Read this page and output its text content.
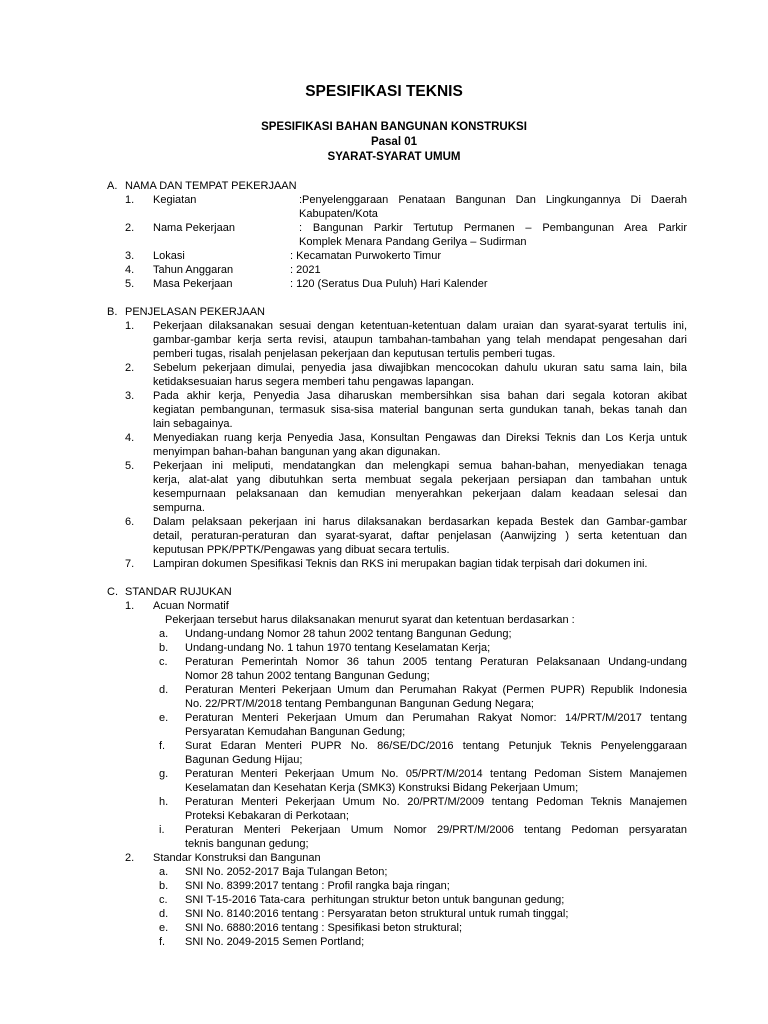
SPESIFIKASI TEKNIS
SPESIFIKASI BAHAN BANGUNAN KONSTRUKSI
Pasal 01
SYARAT-SYARAT UMUM
A. NAMA DAN TEMPAT PEKERJAAN
1. Kegiatan	:Penyelenggaraan Penataan Bangunan Dan Lingkungannya Di Daerah
Kabupaten/Kota
2. Nama Pekerjaan	: Bangunan Parkir Tertutup Permanen – Pembangunan Area Parkir
Komplek Menara Pandang Gerilya – Sudirman
3. Lokasi	: Kecamatan Purwokerto Timur
4. Tahun Anggaran	: 2021
5. Masa Pekerjaan	: 120 (Seratus Dua Puluh) Hari Kalender
B. PENJELASAN PEKERJAAN
1. Pekerjaan dilaksanakan sesuai dengan ketentuan-ketentuan dalam uraian dan syarat-syarat tertulis ini,
gambar-gambar kerja serta revisi, ataupun tambahan-tambahan yang telah mendapat pengesahan dari
pemberi tugas, risalah penjelasan pekerjaan dan keputusan tertulis pemberi tugas.
2. Sebelum pekerjaan dimulai, penyedia jasa diwajibkan mencocokan dahulu ukuran satu sama lain, bila
ketidaksesuaian harus segera memberi tahu pengawas lapangan.
3. Pada akhir kerja, Penyedia Jasa diharuskan membersihkan sisa bahan dari segala kotoran akibat
kegiatan pembangunan, termasuk sisa-sisa material bangunan serta gundukan tanah, bekas tanah dan
lain sebagainya.
4. Menyediakan ruang kerja Penyedia Jasa, Konsultan Pengawas dan Direksi Teknis dan Los Kerja untuk
menyimpan bahan-bahan bangunan yang akan digunakan.
5. Pekerjaan ini meliputi, mendatangkan dan melengkapi semua bahan-bahan, menyediakan tenaga
kerja, alat-alat yang dibutuhkan serta membuat segala pekerjaan persiapan dan tambahan untuk
kesempurnaan pelaksanaan dan kemudian menyerahkan pekerjaan dalam keadaan selesai dan
sempurna.
6. Dalam pelaksaan pekerjaan ini harus dilaksanakan berdasarkan kepada Bestek dan Gambar-gambar
detail, peraturan-peraturan dan syarat-syarat, daftar penjelasan (Aanwijzing ) serta ketentuan dan
keputusan PPK/PPTK/Pengawas yang dibuat secara tertulis.
7. Lampiran dokumen Spesifikasi Teknis dan RKS ini merupakan bagian tidak terpisah dari dokumen ini.
C. STANDAR RUJUKAN
1. Acuan Normatif
Pekerjaan tersebut harus dilaksanakan menurut syarat dan ketentuan berdasarkan :
a. Undang-undang Nomor 28 tahun 2002 tentang Bangunan Gedung;
b. Undang-undang No. 1 tahun 1970 tentang Keselamatan Kerja;
c. Peraturan Pemerintah Nomor 36 tahun 2005 tentang Peraturan Pelaksanaan Undang-undang
Nomor 28 tahun 2002 tentang Bangunan Gedung;
d. Peraturan Menteri Pekerjaan Umum dan Perumahan Rakyat (Permen PUPR) Republik Indonesia
No. 22/PRT/M/2018 tentang Pembangunan Bangunan Gedung Negara;
e. Peraturan Menteri Pekerjaan Umum dan Perumahan Rakyat Nomor: 14/PRT/M/2017 tentang
Persyaratan Kemudahan Bangunan Gedung;
f. Surat Edaran Menteri PUPR No. 86/SE/DC/2016 tentang Petunjuk Teknis Penyelenggaraan
Bagunan Gedung Hijau;
g. Peraturan Menteri Pekerjaan Umum No. 05/PRT/M/2014 tentang Pedoman Sistem Manajemen
Keselamatan dan Kesehatan Kerja (SMK3) Konstruksi Bidang Pekerjaan Umum;
h. Peraturan Menteri Pekerjaan Umum No. 20/PRT/M/2009 tentang Pedoman Teknis Manajemen
Proteksi Kebakaran di Perkotaan;
i. Peraturan Menteri Pekerjaan Umum Nomor 29/PRT/M/2006 tentang Pedoman persyaratan
teknis bangunan gedung;
2. Standar Konstruksi dan Bangunan
a. SNI No. 2052-2017 Baja Tulangan Beton;
b. SNI No. 8399:2017 tentang : Profil rangka baja ringan;
c. SNI T-15-2016 Tata-cara  perhitungan struktur beton untuk bangunan gedung;
d. SNI No. 8140:2016 tentang : Persyaratan beton struktural untuk rumah tinggal;
e. SNI No. 6880:2016 tentang : Spesifikasi beton struktural;
f. SNI No. 2049-2015 Semen Portland;
